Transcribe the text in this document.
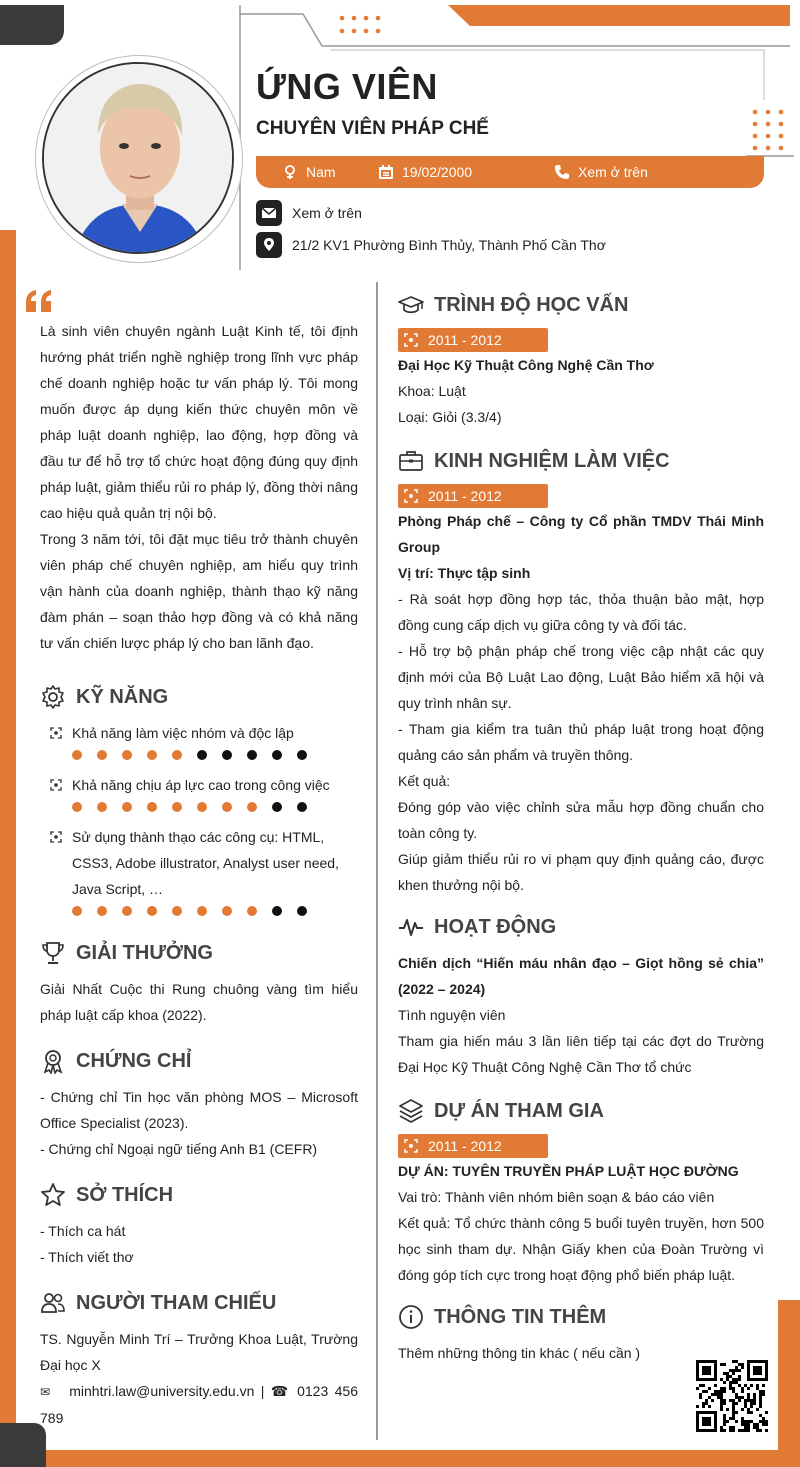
ỨNG VIÊN
CHUYÊN VIÊN PHÁP CHẾ
Nam	19/02/2000	Xem ở trên
Xem ở trên
21/2 KV1 Phường Bình Thủy, Thành Phố Cần Thơ

Là sinh viên chuyên ngành Luật Kinh tế, tôi định hướng phát triển nghề nghiệp trong lĩnh vực pháp chế doanh nghiệp hoặc tư vấn pháp lý. Tôi mong muốn được áp dụng kiến thức chuyên môn về pháp luật doanh nghiệp, lao động, hợp đồng và đầu tư để hỗ trợ tổ chức hoạt động đúng quy định pháp luật, giảm thiểu rủi ro pháp lý, đồng thời nâng cao hiệu quả quản trị nội bộ.

Trong 3 năm tới, tôi đặt mục tiêu trở thành chuyên viên pháp chế chuyên nghiệp, am hiểu quy trình vận hành của doanh nghiệp, thành thạo kỹ năng đàm phán – soạn thảo hợp đồng và có khả năng tư vấn chiến lược pháp lý cho ban lãnh đạo.

KỸ NĂNG
Khả năng làm việc nhóm và độc lập
Khả năng chịu áp lực cao trong công việc
Sử dụng thành thạo các công cụ: HTML, CSS3, Adobe illustrator, Analyst user need, Java Script, …
GIẢI THƯỞNG

Giải Nhất Cuộc thi Rung chuông vàng tìm hiểu pháp luật cấp khoa (2022).

CHỨNG CHỈ

- Chứng chỉ Tin học văn phòng MOS – Microsoft Office Specialist (2023).

- Chứng chỉ Ngoại ngữ tiếng Anh B1 (CEFR)

SỞ THÍCH

- Thích ca hát

- Thích viết thơ

NGƯỜI THAM CHIẾU

TS. Nguyễn Minh Trí – Trưởng Khoa Luật, Trường Đại học X

✉ minhtri.law@university.edu.vn | ☎ 0123 456 789

TRÌNH ĐỘ HỌC VẤN
2011 - 2012

Đại Học Kỹ Thuật Công Nghệ Cần Thơ

Khoa: Luật

Loại: Giỏi (3.3/4)

KINH NGHIỆM LÀM VIỆC
2011 - 2012

Phòng Pháp chế – Công ty Cổ phần TMDV Thái Minh Group

Vị trí: Thực tập sinh

- Rà soát hợp đồng hợp tác, thỏa thuận bảo mật, hợp đồng cung cấp dịch vụ giữa công ty và đối tác.

- Hỗ trợ bộ phận pháp chế trong việc cập nhật các quy định mới của Bộ Luật Lao động, Luật Bảo hiểm xã hội và quy trình nhân sự.

- Tham gia kiểm tra tuân thủ pháp luật trong hoạt động quảng cáo sản phẩm và truyền thông.

Kết quả:

Đóng góp vào việc chỉnh sửa mẫu hợp đồng chuẩn cho toàn công ty.

Giúp giảm thiểu rủi ro vi phạm quy định quảng cáo, được khen thưởng nội bộ.

HOẠT ĐỘNG

Chiến dịch “Hiến máu nhân đạo – Giọt hồng sẻ chia” (2022 – 2024)

Tình nguyện viên

Tham gia hiến máu 3 lần liên tiếp tại các đợt do Trường Đại Học Kỹ Thuật Công Nghệ Cần Thơ tổ chức

DỰ ÁN THAM GIA
2011 - 2012

DỰ ÁN: TUYÊN TRUYỀN PHÁP LUẬT HỌC ĐƯỜNG

Vai trò: Thành viên nhóm biên soạn & báo cáo viên

Kết quả: Tổ chức thành công 5 buổi tuyên truyền, hơn 500 học sinh tham dự. Nhận Giấy khen của Đoàn Trường vì đóng góp tích cực trong hoạt động phổ biến pháp luật.

THÔNG TIN THÊM

Thêm những thông tin khác ( nếu cần )
